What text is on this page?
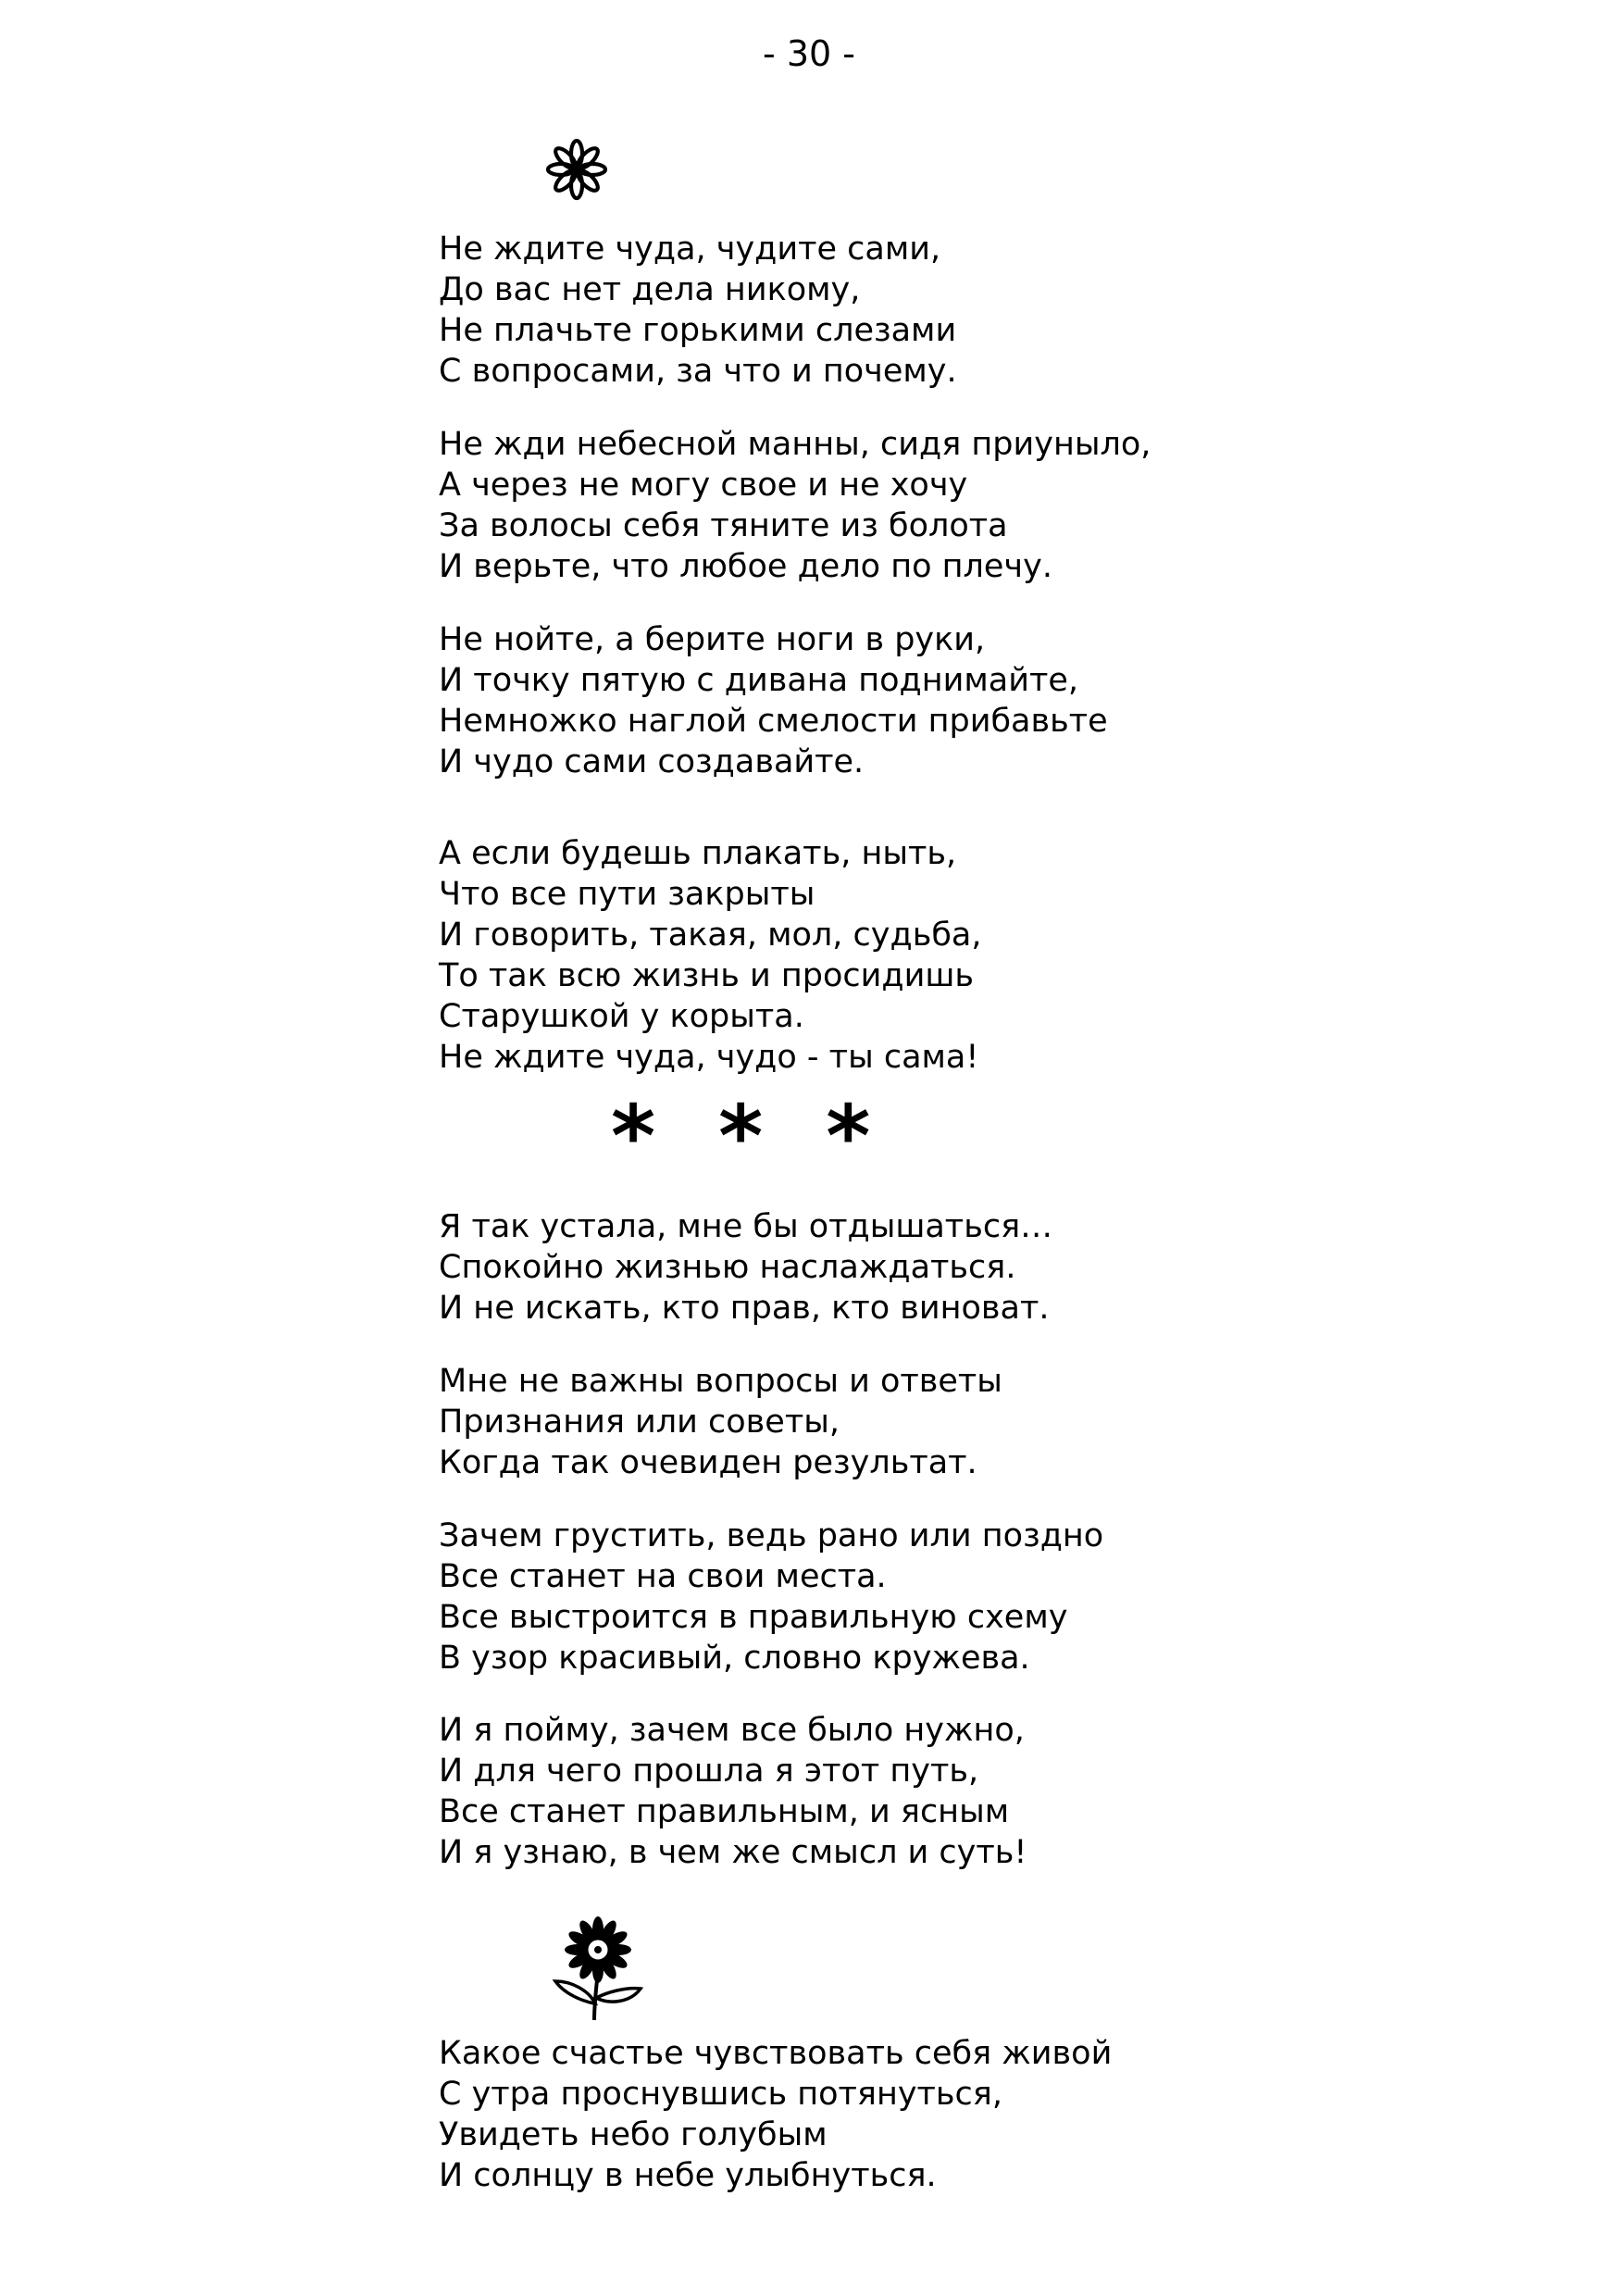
- 30 -
Не ждите чуда, чудите сами,
До вас нет дела никому,
Не плачьте горькими слезами
С вопросами, за что и почему.
Не жди небесной манны, сидя приуныло,
А через не могу свое и не хочу
За волосы себя тяните из болота
И верьте, что любое дело по плечу.
Не нойте, а берите ноги в руки,
И точку пятую с дивана поднимайте,
Немножко наглой смелости прибавьте
И чудо сами создавайте.
А если будешь плакать, ныть,
Что все пути закрыты
И говорить, такая, мол, судьба,
То так всю жизнь и просидишь
Старушкой у корыта.
Не ждите чуда, чудо - ты сама!
* * *
Я так устала, мне бы отдышаться…
Спокойно жизнью наслаждаться.
И не искать, кто прав, кто виноват.
Мне не важны вопросы и ответы
Признания или советы,
Когда так очевиден результат.
Зачем грустить, ведь рано или поздно
Все станет на свои места.
Все выстроится в правильную схему
В узор красивый, словно кружева.
И я пойму, зачем все было нужно,
И для чего прошла я этот путь,
Все станет правильным, и ясным
И я узнаю, в чем же смысл и суть!
Какое счастье чувствовать себя живой
С утра проснувшись потянуться,
Увидеть небо голубым
И солнцу в небе улыбнуться.
